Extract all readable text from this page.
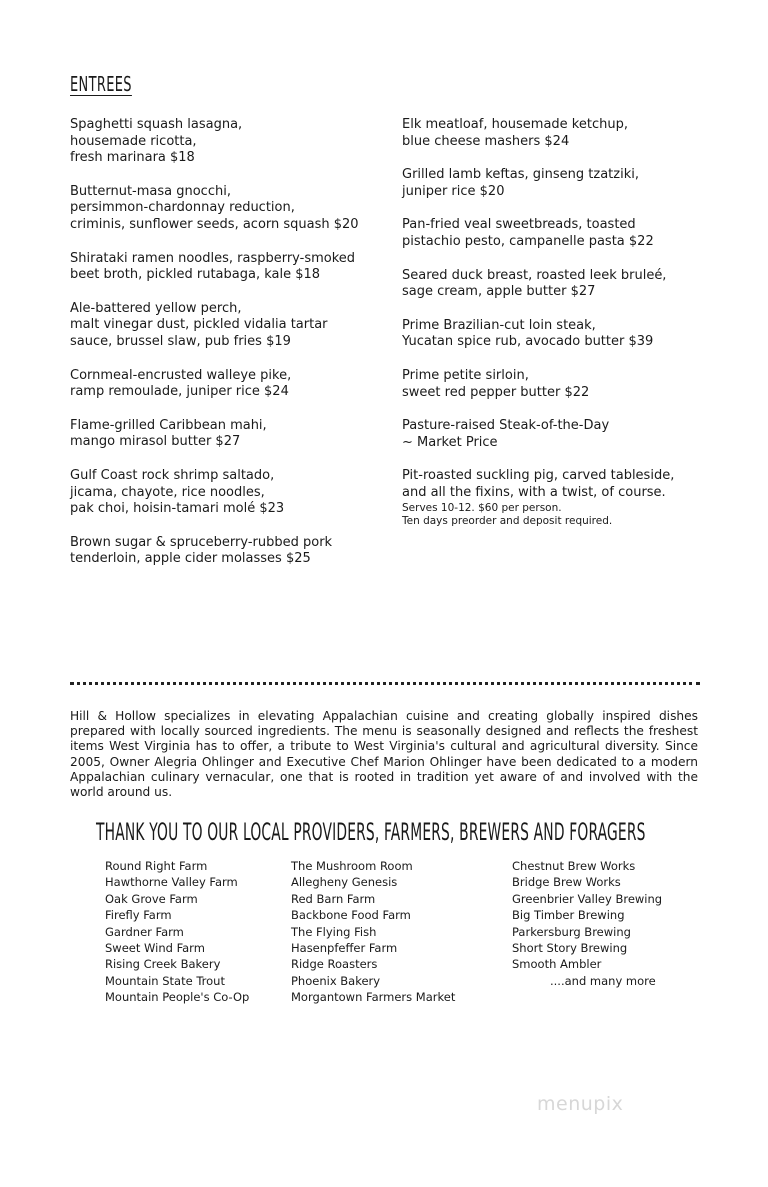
ENTREES
Spaghetti squash lasagna,
housemade ricotta,
fresh marinara $18
Butternut-masa gnocchi,
persimmon-chardonnay reduction,
criminis, sunflower seeds, acorn squash $20
Shirataki ramen noodles, raspberry-smoked
beet broth, pickled rutabaga, kale $18
Ale-battered yellow perch,
malt vinegar dust, pickled vidalia tartar
sauce, brussel slaw, pub fries $19
Cornmeal-encrusted walleye pike,
ramp remoulade, juniper rice $24
Flame-grilled Caribbean mahi,
mango mirasol butter $27
Gulf Coast rock shrimp saltado,
jicama, chayote, rice noodles,
pak choi, hoisin-tamari molé $23
Brown sugar & spruceberry-rubbed pork
tenderloin, apple cider molasses $25
Elk meatloaf, housemade ketchup,
blue cheese mashers $24
Grilled lamb keftas, ginseng tzatziki,
juniper rice $20
Pan-fried veal sweetbreads, toasted
pistachio pesto, campanelle pasta $22
Seared duck breast, roasted leek bruleé,
sage cream, apple butter $27
Prime Brazilian-cut loin steak,
Yucatan spice rub, avocado butter $39
Prime petite sirloin,
sweet red pepper butter $22
Pasture-raised Steak-of-the-Day
~ Market Price
Pit-roasted suckling pig, carved tableside,
and all the fixins, with a twist, of course.
Serves 10-12. $60 per person.
Ten days preorder and deposit required.

Hill & Hollow specializes in elevating Appalachian cuisine and creating globally inspired dishes prepared with locally sourced ingredients. The menu is seasonally designed and reflects the freshest items West Virginia has to offer, a tribute to West Virginia's cultural and agricultural diversity. Since 2005, Owner Alegria Ohlinger and Executive Chef Marion Ohlinger have been dedicated to a modern Appalachian culinary vernacular, one that is rooted in tradition yet aware of and involved with the world around us.

THANK YOU TO OUR LOCAL PROVIDERS, FARMERS, BREWERS AND FORAGERS
Round Right Farm
Hawthorne Valley Farm
Oak Grove Farm
Firefly Farm
Gardner Farm
Sweet Wind Farm
Rising Creek Bakery
Mountain State Trout
Mountain People's Co-Op
The Mushroom Room
Allegheny Genesis
Red Barn Farm
Backbone Food Farm
The Flying Fish
Hasenpfeffer Farm
Ridge Roasters
Phoenix Bakery
Morgantown Farmers Market
Chestnut Brew Works
Bridge Brew Works
Greenbrier Valley Brewing
Big Timber Brewing
Parkersburg Brewing
Short Story Brewing
Smooth Ambler
....and many more
menupix
